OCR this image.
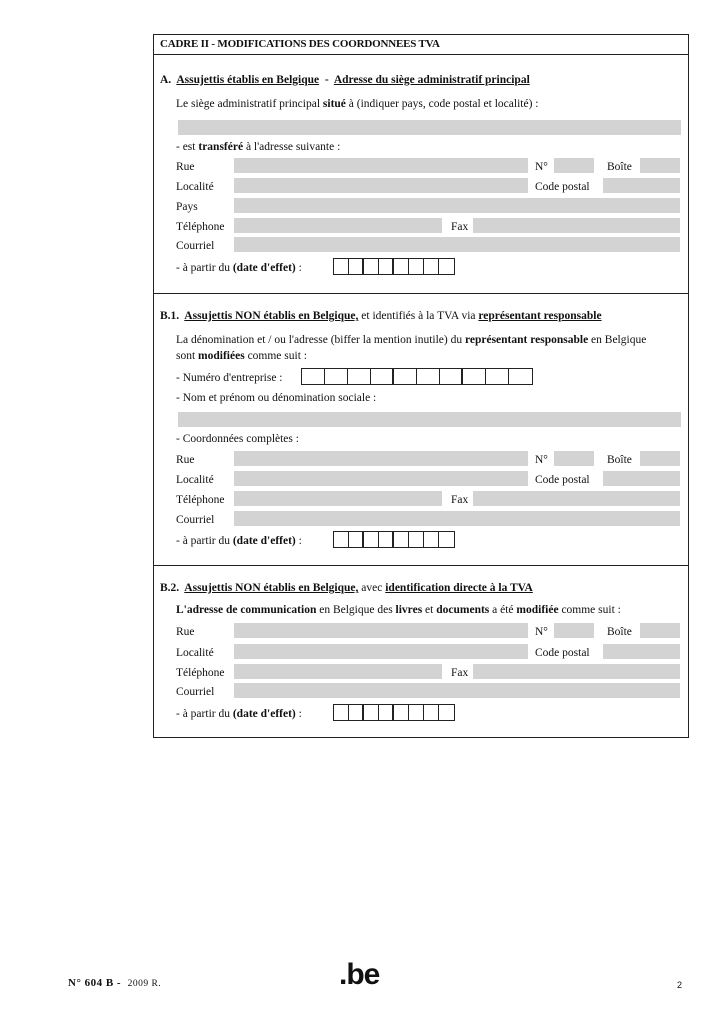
CADRE II - MODIFICATIONS DES COORDONNEES TVA
A. Assujettis établis en Belgique - Adresse du siège administratif principal
Le siège administratif principal situé à (indiquer pays, code postal et localité) :
- est transféré à l'adresse suivante :
Rue	N°	Boîte
Localité	Code postal
Pays
Téléphone	Fax
Courriel
- à partir du (date d'effet) :
B.1. Assujettis NON établis en Belgique, et identifiés à la TVA via représentant responsable
La dénomination et / ou l'adresse (biffer la mention inutile) du représentant responsable en Belgique
sont modifiées comme suit :
- Numéro d'entreprise :
- Nom et prénom ou dénomination sociale :
- Coordonnées complètes :
Rue	N°	Boîte
Localité	Code postal
Téléphone	Fax
Courriel
- à partir du (date d'effet) :
B.2. Assujettis NON établis en Belgique, avec identification directe à la TVA
L'adresse de communication en Belgique des livres et documents a été modifiée comme suit :
Rue	N°	Boîte
Localité	Code postal
Téléphone	Fax
Courriel
- à partir du (date d'effet) :
N° 604 B - 2009 R.	.be	2
